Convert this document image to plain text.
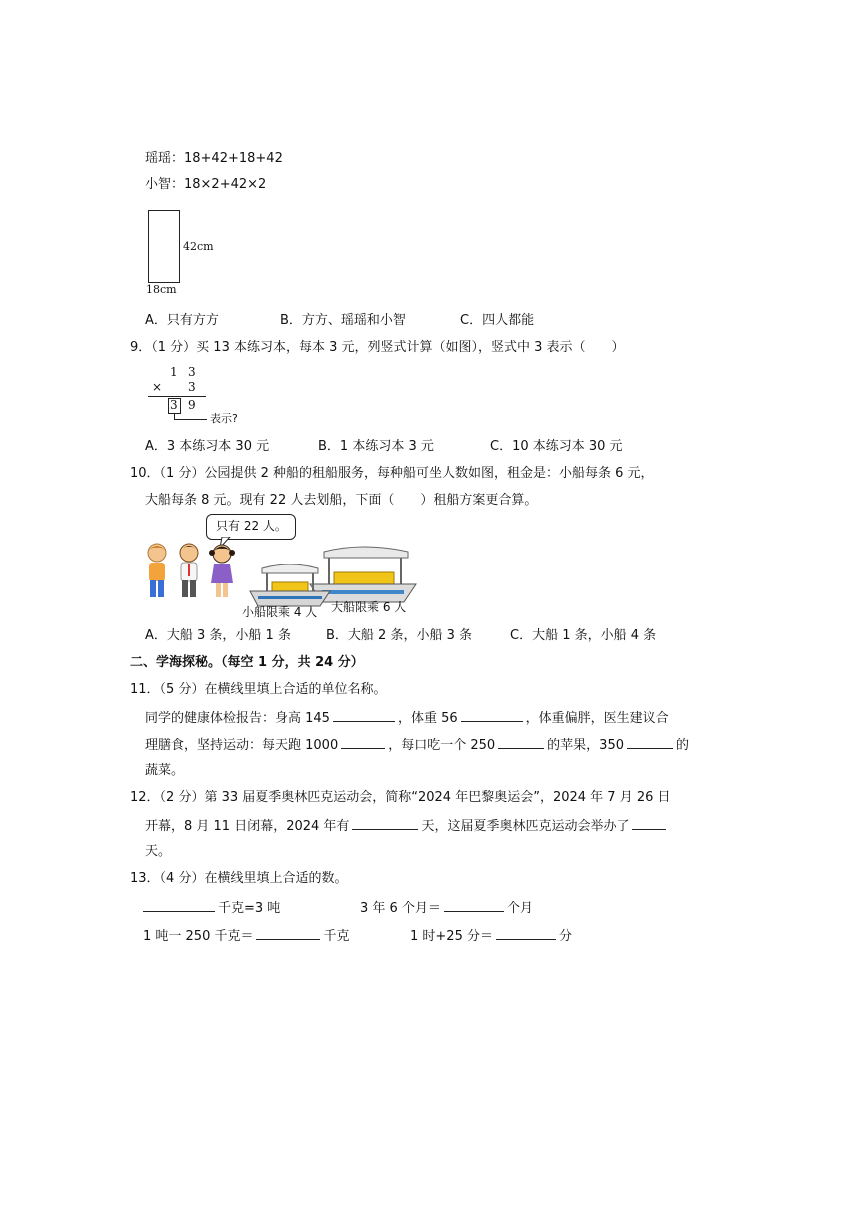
瑶瑶：18+42+18+42
小智：18×2+42×2
42cm
18cm
A．只有方方	B．方方、瑶瑶和小智	C．四人都能
9．（1 分）买 13 本练习本，每本 3 元，列竖式计算（如图），竖式中 3 表示（　　）
1 3
× 3
3 9
表示?
A．3 本练习本 30 元	B．1 本练习本 3 元	C．10 本练习本 30 元
10．（1 分）公园提供 2 种船的租船服务，每种船可坐人数如图，租金是：小船每条 6 元，
大船每条 8 元。现有 22 人去划船，下面（　　）租船方案更合算。
只有 22 人。
小船限乘 4 人 大船限乘 6 人
A．大船 3 条，小船 1 条	B．大船 2 条，小船 3 条	C．大船 1 条，小船 4 条
二、学海探秘。（每空 1 分，共 24 分）
11．（5 分）在横线里填上合适的单位名称。
同学的健康体检报告：身高 145	，体重 56	，体重偏胖，医生建议合
理膳食，坚持运动：每天跑 1000	，每口吃一个 250	的苹果，350	的
蔬菜。
12．（2 分）第 33 届夏季奥林匹克运动会，简称“2024 年巴黎奥运会”，2024 年 7 月 26 日
开幕，8 月 11 日闭幕，2024 年有	天，这届夏季奥林匹克运动会举办了
天。
13．（4 分）在横线里填上合适的数。
千克=3 吨	3 年 6 个月＝	个月
1 吨一 250 千克＝	千克	1 时+25 分＝	分
